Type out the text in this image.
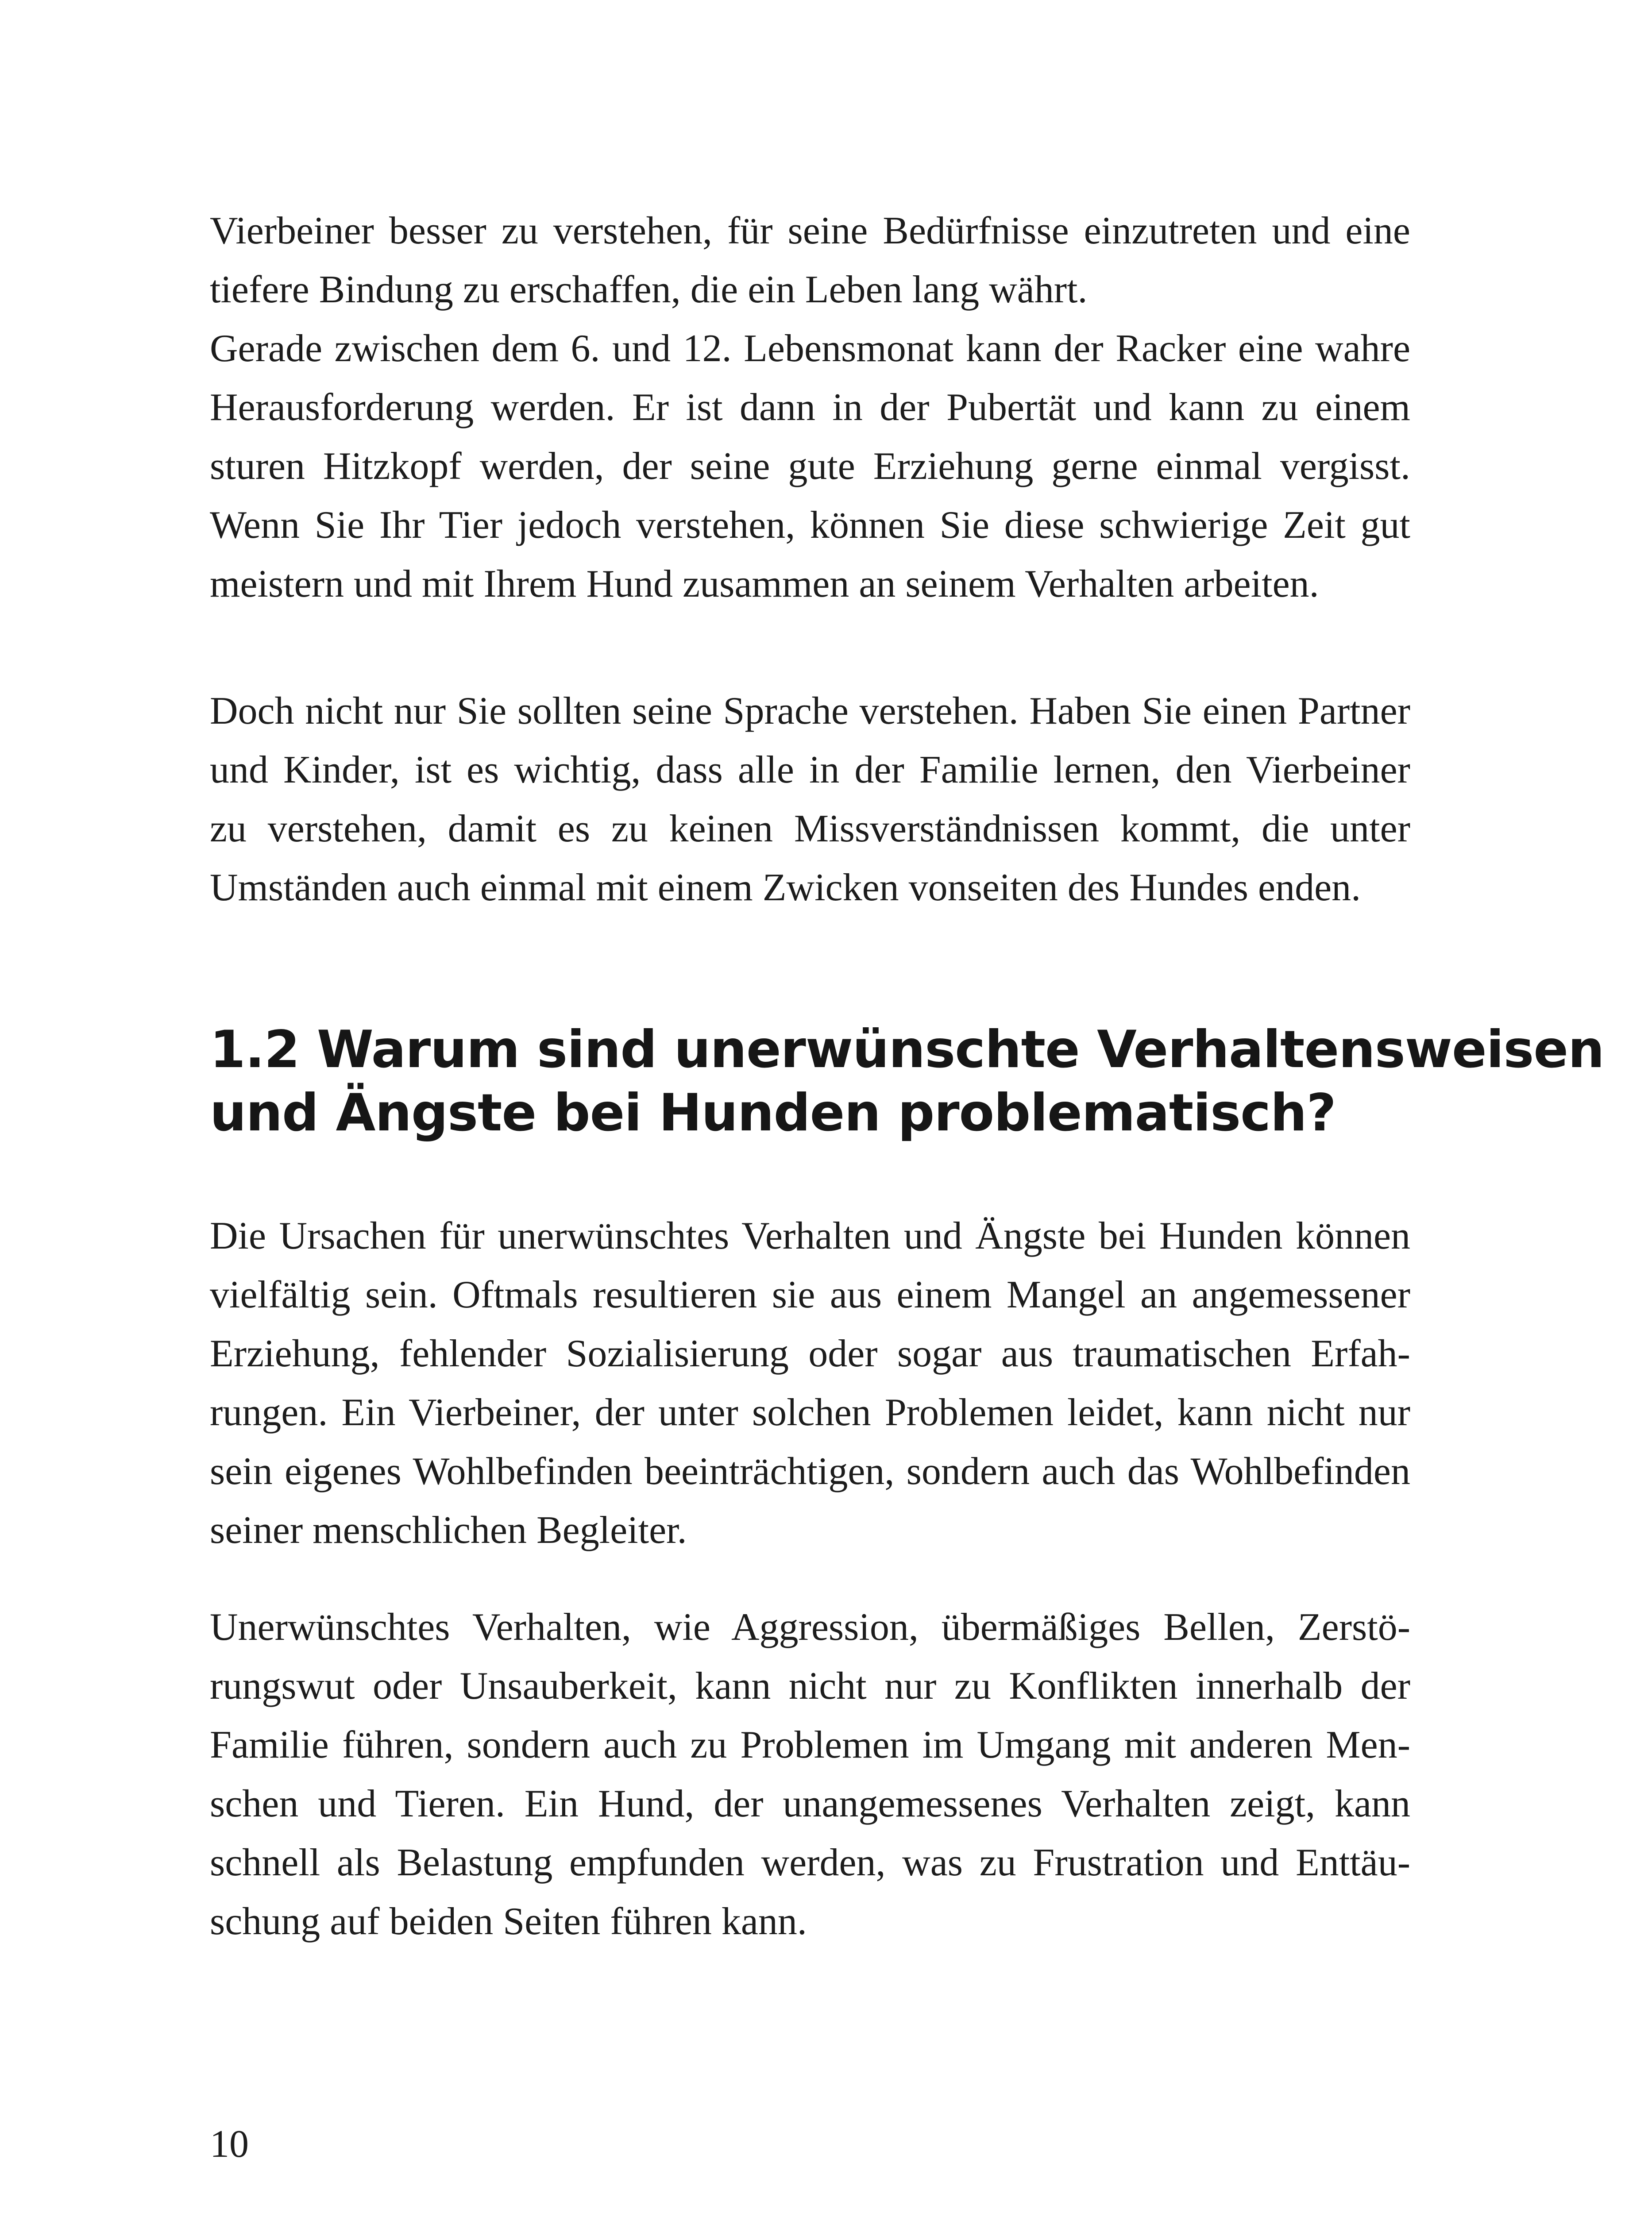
Vierbeiner besser zu verstehen, für seine Bedürfnisse einzutreten und eine
tiefere Bindung zu erschaffen, die ein Leben lang währt.
Gerade zwischen dem 6. und 12. Lebensmonat kann der Racker eine wahre
Herausforderung werden. Er ist dann in der Pubertät und kann zu einem
sturen Hitzkopf werden, der seine gute Erziehung gerne einmal vergisst.
Wenn Sie Ihr Tier jedoch verstehen, können Sie diese schwierige Zeit gut
meistern und mit Ihrem Hund zusammen an seinem Verhalten arbeiten.
Doch nicht nur Sie sollten seine Sprache verstehen. Haben Sie einen Partner
und Kinder, ist es wichtig, dass alle in der Familie lernen, den Vierbeiner
zu verstehen, damit es zu keinen Missverständnissen kommt, die unter
Umständen auch einmal mit einem Zwicken vonseiten des Hundes enden.
1.2 Warum sind unerwünschte Verhaltensweisen
und Ängste bei Hunden problematisch?
Die Ursachen für unerwünschtes Verhalten und Ängste bei Hunden können
vielfältig sein. Oftmals resultieren sie aus einem Mangel an angemessener
Erziehung, fehlender Sozialisierung oder sogar aus traumatischen Erfah-
rungen. Ein Vierbeiner, der unter solchen Problemen leidet, kann nicht nur
sein eigenes Wohlbefinden beeinträchtigen, sondern auch das Wohlbefinden
seiner menschlichen Begleiter.
Unerwünschtes Verhalten, wie Aggression, übermäßiges Bellen, Zerstö-
rungswut oder Unsauberkeit, kann nicht nur zu Konflikten innerhalb der
Familie führen, sondern auch zu Problemen im Umgang mit anderen Men-
schen und Tieren. Ein Hund, der unangemessenes Verhalten zeigt, kann
schnell als Belastung empfunden werden, was zu Frustration und Enttäu-
schung auf beiden Seiten führen kann.
10
